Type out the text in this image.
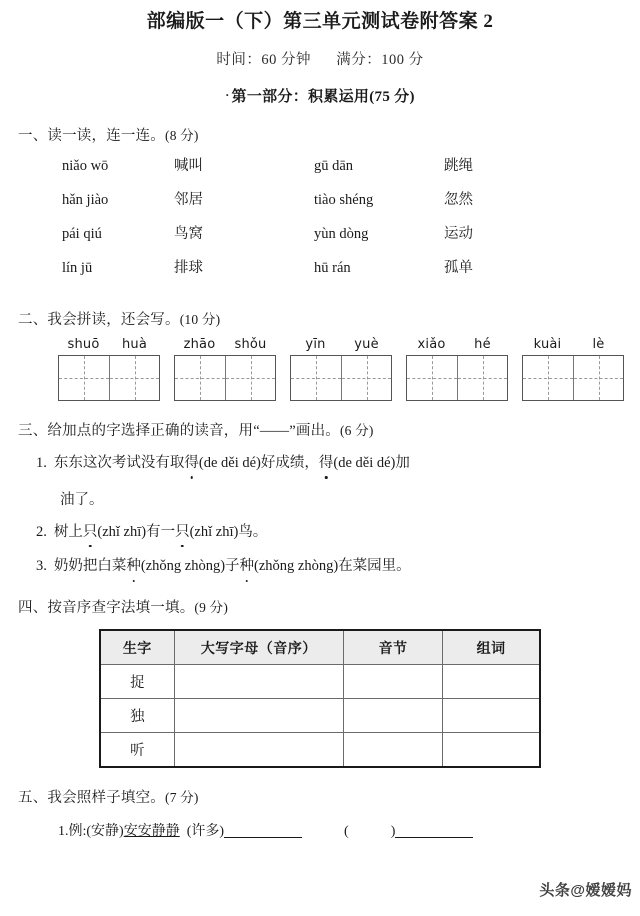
部编版一（下）第三单元测试卷附答案 2
时间：60 分钟 满分：100 分
· 第一部分：积累运用(75 分)
一、读一读，连一连。(8 分)
niǎo wō	喊叫	gū dān	跳绳
hǎn jiào	邻居	tiào shéng	忽然
pái qiú	鸟窝	yùn dòng	运动
lín jū	排球	hū rán	孤单
二、我会拼读，还会写。(10 分)
shuō	huà	zhāo	shǒu	yīn	yuè	xiǎo	hé	kuài	lè
三、给加点的字选择正确的读音，用“——”画出。(6 分)
1. 东东这次考试没有取得(de děi dé)好成绩，得(de děi dé)加
油了。
2. 树上只(zhǐ zhī)有一只(zhǐ zhī)鸟。
3. 奶奶把白菜种(zhǒng zhòng)子种(zhǒng zhòng)在菜园里。
四、按音序查字法填一填。(9 分)
生字	大写字母（音序）	音节	组词
捉			
独			
听			
五、我会照样子填空。(7 分)
1.例:(安静)安安静静 (许多)	(	)
头条@嫒嫒妈
